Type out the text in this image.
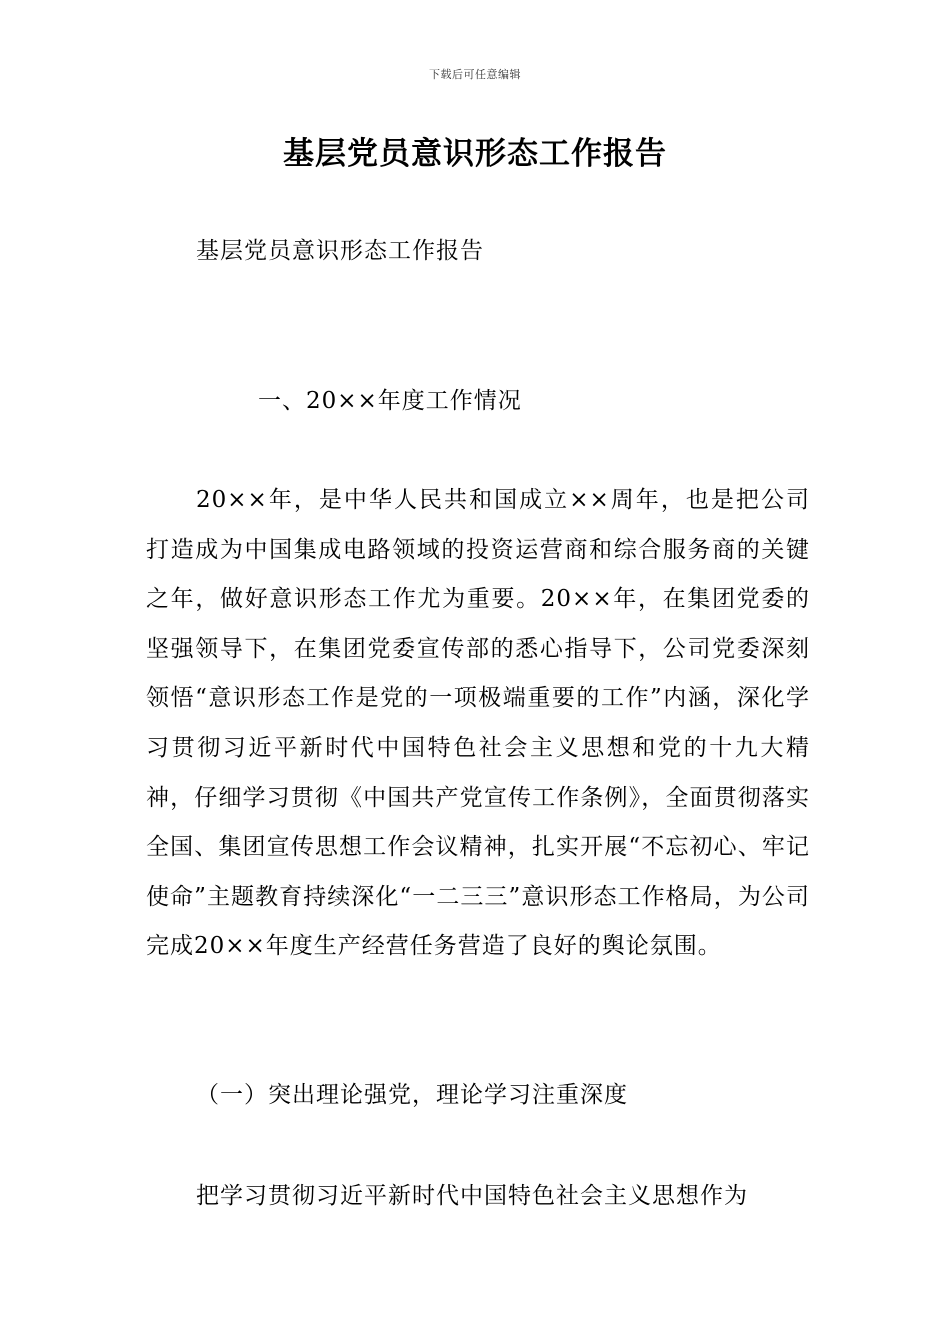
下载后可任意编辑
基层党员意识形态工作报告
基层党员意识形态工作报告
一、20××年度工作情况

20××年，是中华人民共和国成立××周年，也是把公司打造成为中国集成电路领域的投资运营商和综合服务商的关键之年，做好意识形态工作尤为重要。20××年，在集团党委的坚强领导下，在集团党委宣传部的悉心指导下，公司党委深刻领悟“意识形态工作是党的一项极端重要的工作”内涵，深化学习贯彻习近平新时代中国特色社会主义思想和党的十九大精神，仔细学习贯彻《中国共产党宣传工作条例》，全面贯彻落实全国、集团宣传思想工作会议精神，扎实开展“不忘初心、牢记使命”主题教育持续深化“一二三三”意识形态工作格局，为公司完成20××年度生产经营任务营造了良好的舆论氛围。

（一）突出理论强党，理论学习注重深度

把学习贯彻习近平新时代中国特色社会主义思想作为
